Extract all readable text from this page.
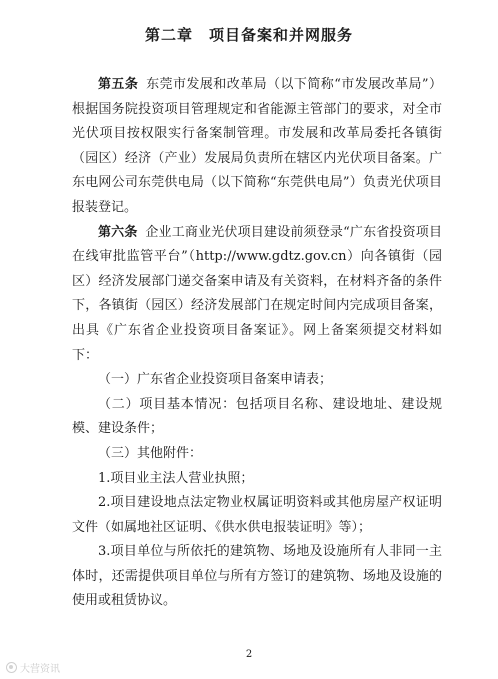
第二章　项目备案和并网服务

第五条 东莞市发展和改革局（以下简称“市发展改革局”）根据国务院投资项目管理规定和省能源主管部门的要求，对全市光伏项目按权限实行备案制管理。市发展和改革局委托各镇街（园区）经济（产业）发展局负责所在辖区内光伏项目备案。广东电网公司东莞供电局（以下简称“东莞供电局”）负责光伏项目报装登记。

第六条 企业工商业光伏项目建设前须登录“广东省投资项目在线审批监管平台”（http://www.gdtz.gov.cn）向各镇街（园区）经济发展部门递交备案申请及有关资料，在材料齐备的条件下，各镇街（园区）经济发展部门在规定时间内完成项目备案，出具《广东省企业投资项目备案证》。网上备案须提交材料如下：

（一）广东省企业投资项目备案申请表；

（二）项目基本情况：包括项目名称、建设地址、建设规模、建设条件；

（三）其他附件：

1.项目业主法人营业执照；

2.项目建设地点法定物业权属证明资料或其他房屋产权证明文件（如属地社区证明、《供水供电报装证明》等）；

3.项目单位与所依托的建筑物、场地及设施所有人非同一主体时，还需提供项目单位与所有方签订的建筑物、场地及设施的使用或租赁协议。

2
大营资讯
